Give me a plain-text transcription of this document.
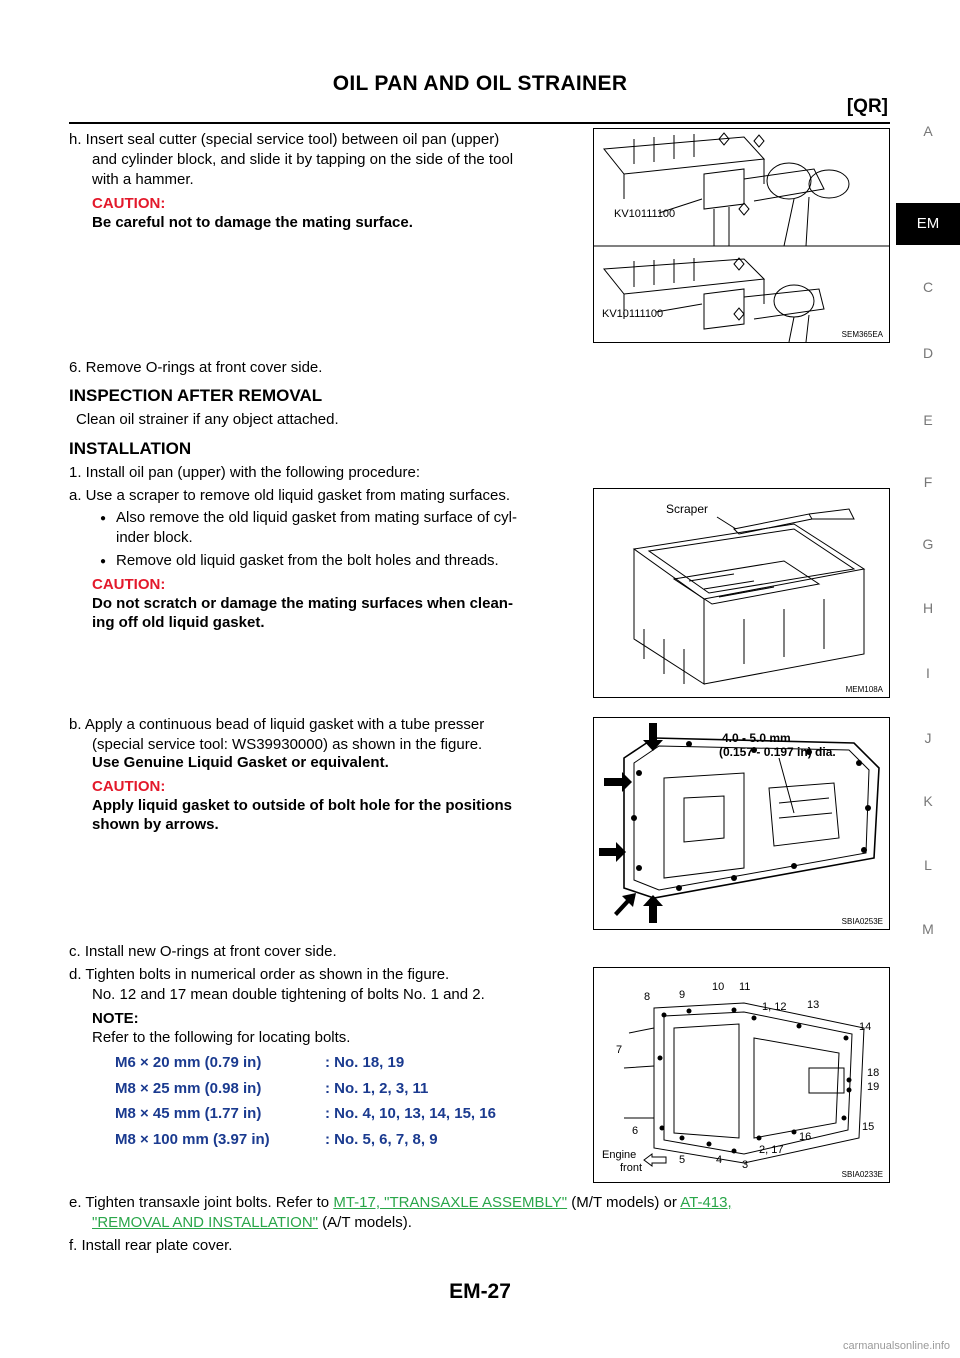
OIL PAN AND OIL STRAINER
[QR]
A
EM
C
D
E
F
G
H
I
J
K
L
M
h. Insert seal cutter (special service tool) between oil pan (upper)
and cylinder block, and slide it by tapping on the side of the tool
with a hammer.
CAUTION:
Be careful not to damage the mating surface.	KV10111100
KV10111100
SEM365EA
6. Remove O-rings at front cover side.
INSPECTION AFTER REMOVAL
Clean oil strainer if any object attached.
INSTALLATION
1. Install oil pan (upper) with the following procedure:
a. Use a scraper to remove old liquid gasket from mating surfaces.
● Also remove the old liquid gasket from mating surface of cyl-
inder block.
● Remove old liquid gasket from the bolt holes and threads.
CAUTION:
Do not scratch or damage the mating surfaces when clean-
ing off old liquid gasket.
Scraper
MEM108A
b. Apply a continuous bead of liquid gasket with a tube presser
(special service tool: WS39930000) as shown in the figure.
Use Genuine Liquid Gasket or equivalent.
CAUTION:
Apply liquid gasket to outside of bolt hole for the positions
shown by arrows.
4.0 - 5.0 mm
(0.157 - 0.197 in) dia.
SBIA0253E
c. Install new O-rings at front cover side.
d. Tighten bolts in numerical order as shown in the figure.
No. 12 and 17 mean double tightening of bolts No. 1 and 2.
NOTE:
Refer to the following for locating bolts.
M6 × 20 mm (0.79 in)	: No. 18, 19
M8 × 25 mm (0.98 in)	: No. 1, 2, 3, 11
M8 × 45 mm (1.77 in)	: No. 4, 10, 13, 14, 15, 16
M8 × 100 mm (3.97 in)	: No. 5, 6, 7, 8, 9
8	9
10 11
1, 12 13
14
18
19
15
16
2, 17
3
4
5
6
7
Engine
front
SBIA0233E
e. Tighten transaxle joint bolts. Refer to MT-17, "TRANSAXLE ASSEMBLY" (M/T models) or AT-413,
"REMOVAL AND INSTALLATION" (A/T models).
f. Install rear plate cover.
EM-27
carmanualsonline.info
